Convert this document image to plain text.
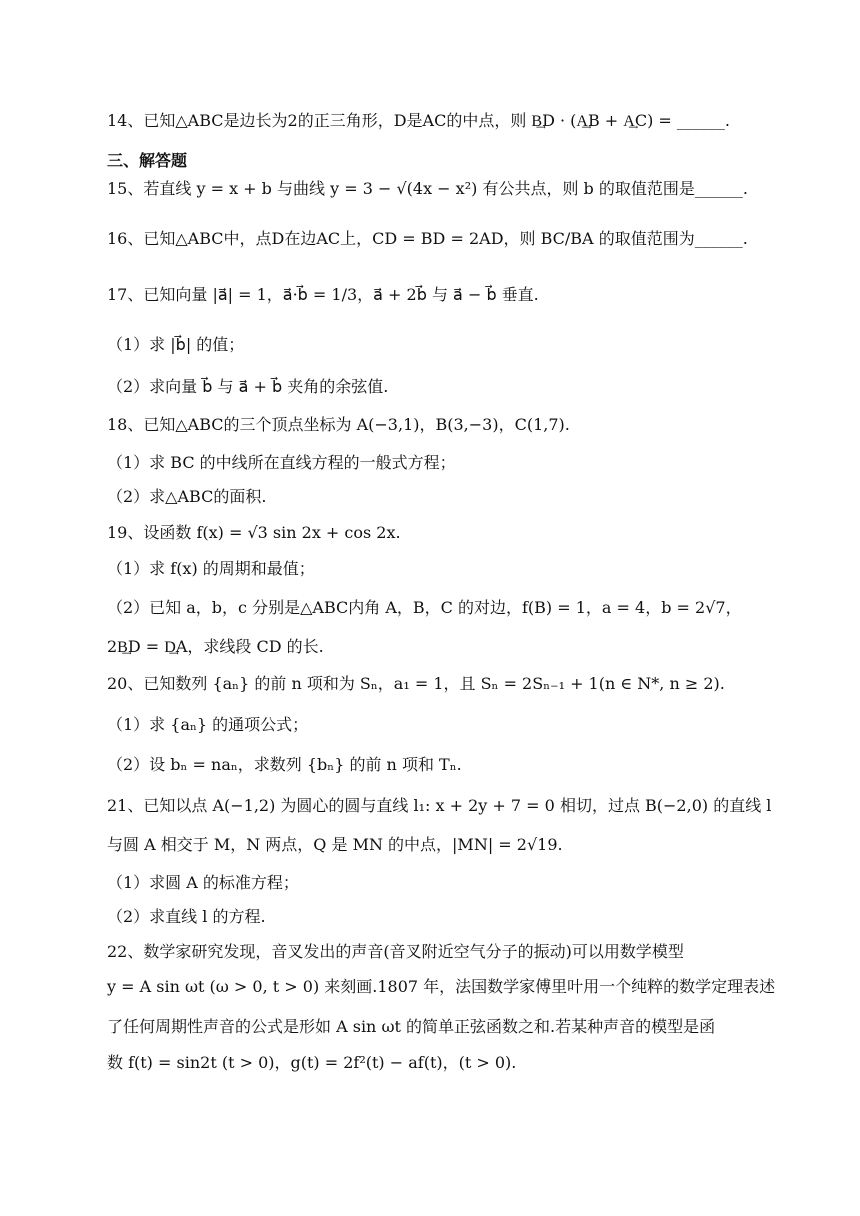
14、已知△ABC是边长为2的正三角形，D是AC的中点，则 B͢D · (A͢B + A͢C) = ______.
三、解答题
15、若直线 y = x + b 与曲线 y = 3 − √(4x − x²) 有公共点，则 b 的取值范围是______.
16、已知△ABC中，点D在边AC上，CD = BD = 2AD，则 BC/BA 的取值范围为______.
17、已知向量 |a⃗| = 1，a⃗·b⃗ = 1/3，a⃗ + 2b⃗ 与 a⃗ − b⃗ 垂直.
（1）求 |b⃗| 的值；
（2）求向量 b⃗ 与 a⃗ + b⃗ 夹角的余弦值.
18、已知△ABC的三个顶点坐标为 A(−3,1)，B(3,−3)，C(1,7).
（1）求 BC 的中线所在直线方程的一般式方程；
（2）求△ABC的面积.
19、设函数 f(x) = √3 sin 2x + cos 2x.
（1）求 f(x) 的周期和最值；
（2）已知 a，b，c 分别是△ABC内角 A，B，C 的对边，f(B) = 1，a = 4，b = 2√7，
2B͢D = D͢A，求线段 CD 的长.
20、已知数列 {aₙ} 的前 n 项和为 Sₙ，a₁ = 1，且 Sₙ = 2Sₙ₋₁ + 1(n ∈ N*, n ≥ 2).
（1）求 {aₙ} 的通项公式；
（2）设 bₙ = naₙ，求数列 {bₙ} 的前 n 项和 Tₙ.
21、已知以点 A(−1,2) 为圆心的圆与直线 l₁: x + 2y + 7 = 0 相切，过点 B(−2,0) 的直线 l
与圆 A 相交于 M，N 两点，Q 是 MN 的中点，|MN| = 2√19.
（1）求圆 A 的标准方程；
（2）求直线 l 的方程.
22、数学家研究发现，音叉发出的声音(音叉附近空气分子的振动)可以用数学模型
y = A sin ωt (ω > 0, t > 0) 来刻画.1807 年，法国数学家傅里叶用一个纯粹的数学定理表述
了任何周期性声音的公式是形如 A sin ωt 的简单正弦函数之和.若某种声音的模型是函
数 f(t) = sin2t (t > 0)，g(t) = 2f²(t) − af(t)，(t > 0).
